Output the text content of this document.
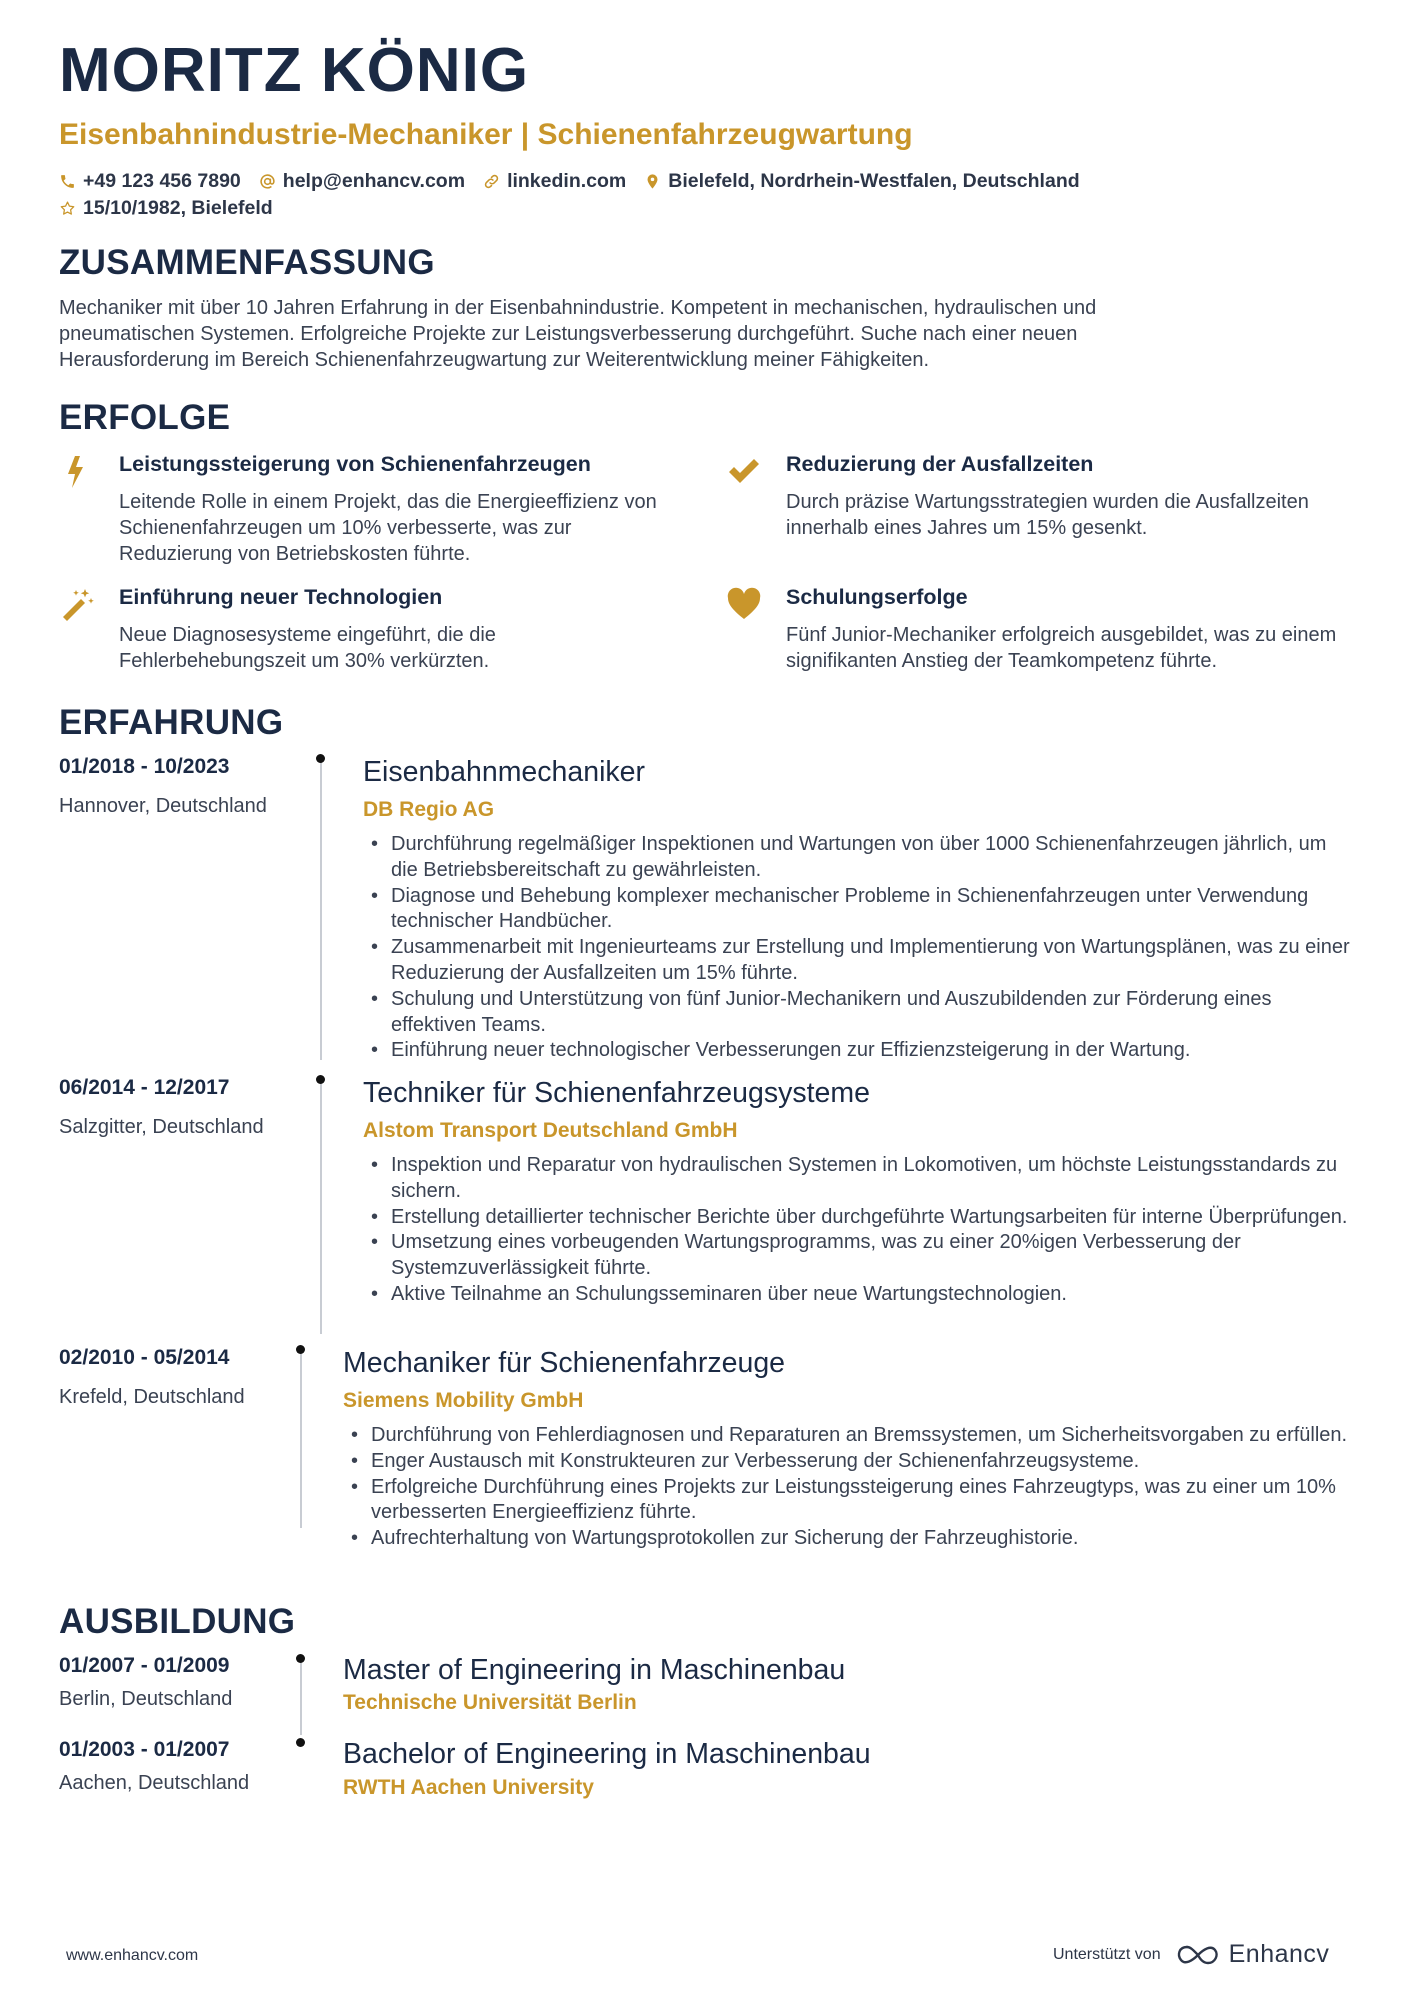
MORITZ KÖNIG
Eisenbahnindustrie-Mechaniker | Schienenfahrzeugwartung
+49 123 456 7890 help@enhancv.com linkedin.com Bielefeld, Nordrhein-Westfalen, Deutschland
15/10/1982, Bielefeld
ZUSAMMENFASSUNG
Mechaniker mit über 10 Jahren Erfahrung in der Eisenbahnindustrie. Kompetent in mechanischen, hydraulischen und pneumatischen Systemen. Erfolgreiche Projekte zur Leistungsverbesserung durchgeführt. Suche nach einer neuen Herausforderung im Bereich Schienenfahrzeugwartung zur Weiterentwicklung meiner Fähigkeiten.
ERFOLGE
Leistungssteigerung von Schienenfahrzeugen
Leitende Rolle in einem Projekt, das die Energieeffizienz von Schienenfahrzeugen um 10% verbesserte, was zur Reduzierung von Betriebskosten führte.
Reduzierung der Ausfallzeiten
Durch präzise Wartungsstrategien wurden die Ausfallzeiten innerhalb eines Jahres um 15% gesenkt.
Einführung neuer Technologien
Neue Diagnosesysteme eingeführt, die die Fehlerbehebungszeit um 30% verkürzten.
Schulungserfolge
Fünf Junior-Mechaniker erfolgreich ausgebildet, was zu einem signifikanten Anstieg der Teamkompetenz führte.
ERFAHRUNG
01/2018 - 10/2023
Hannover, Deutschland
Eisenbahnmechaniker
DB Regio AG
• Durchführung regelmäßiger Inspektionen und Wartungen von über 1000 Schienenfahrzeugen jährlich, um die Betriebsbereitschaft zu gewährleisten.
• Diagnose und Behebung komplexer mechanischer Probleme in Schienenfahrzeugen unter Verwendung technischer Handbücher.
• Zusammenarbeit mit Ingenieurteams zur Erstellung und Implementierung von Wartungsplänen, was zu einer Reduzierung der Ausfallzeiten um 15% führte.
• Schulung und Unterstützung von fünf Junior-Mechanikern und Auszubildenden zur Förderung eines effektiven Teams.
• Einführung neuer technologischer Verbesserungen zur Effizienzsteigerung in der Wartung.
06/2014 - 12/2017
Salzgitter, Deutschland
Techniker für Schienenfahrzeugsysteme
Alstom Transport Deutschland GmbH
• Inspektion und Reparatur von hydraulischen Systemen in Lokomotiven, um höchste Leistungsstandards zu sichern.
• Erstellung detaillierter technischer Berichte über durchgeführte Wartungsarbeiten für interne Überprüfungen.
• Umsetzung eines vorbeugenden Wartungsprogramms, was zu einer 20%igen Verbesserung der Systemzuverlässigkeit führte.
• Aktive Teilnahme an Schulungsseminaren über neue Wartungstechnologien.
02/2010 - 05/2014
Krefeld, Deutschland
Mechaniker für Schienenfahrzeuge
Siemens Mobility GmbH
• Durchführung von Fehlerdiagnosen und Reparaturen an Bremssystemen, um Sicherheitsvorgaben zu erfüllen.
• Enger Austausch mit Konstrukteuren zur Verbesserung der Schienenfahrzeugsysteme.
• Erfolgreiche Durchführung eines Projekts zur Leistungssteigerung eines Fahrzeugtyps, was zu einer um 10% verbesserten Energieeffizienz führte.
• Aufrechterhaltung von Wartungsprotokollen zur Sicherung der Fahrzeughistorie.
AUSBILDUNG
01/2007 - 01/2009
Berlin, Deutschland
Master of Engineering in Maschinenbau
Technische Universität Berlin
01/2003 - 01/2007
Aachen, Deutschland
Bachelor of Engineering in Maschinenbau
RWTH Aachen University
www.enhancv.com	Unterstützt von	Enhancv
